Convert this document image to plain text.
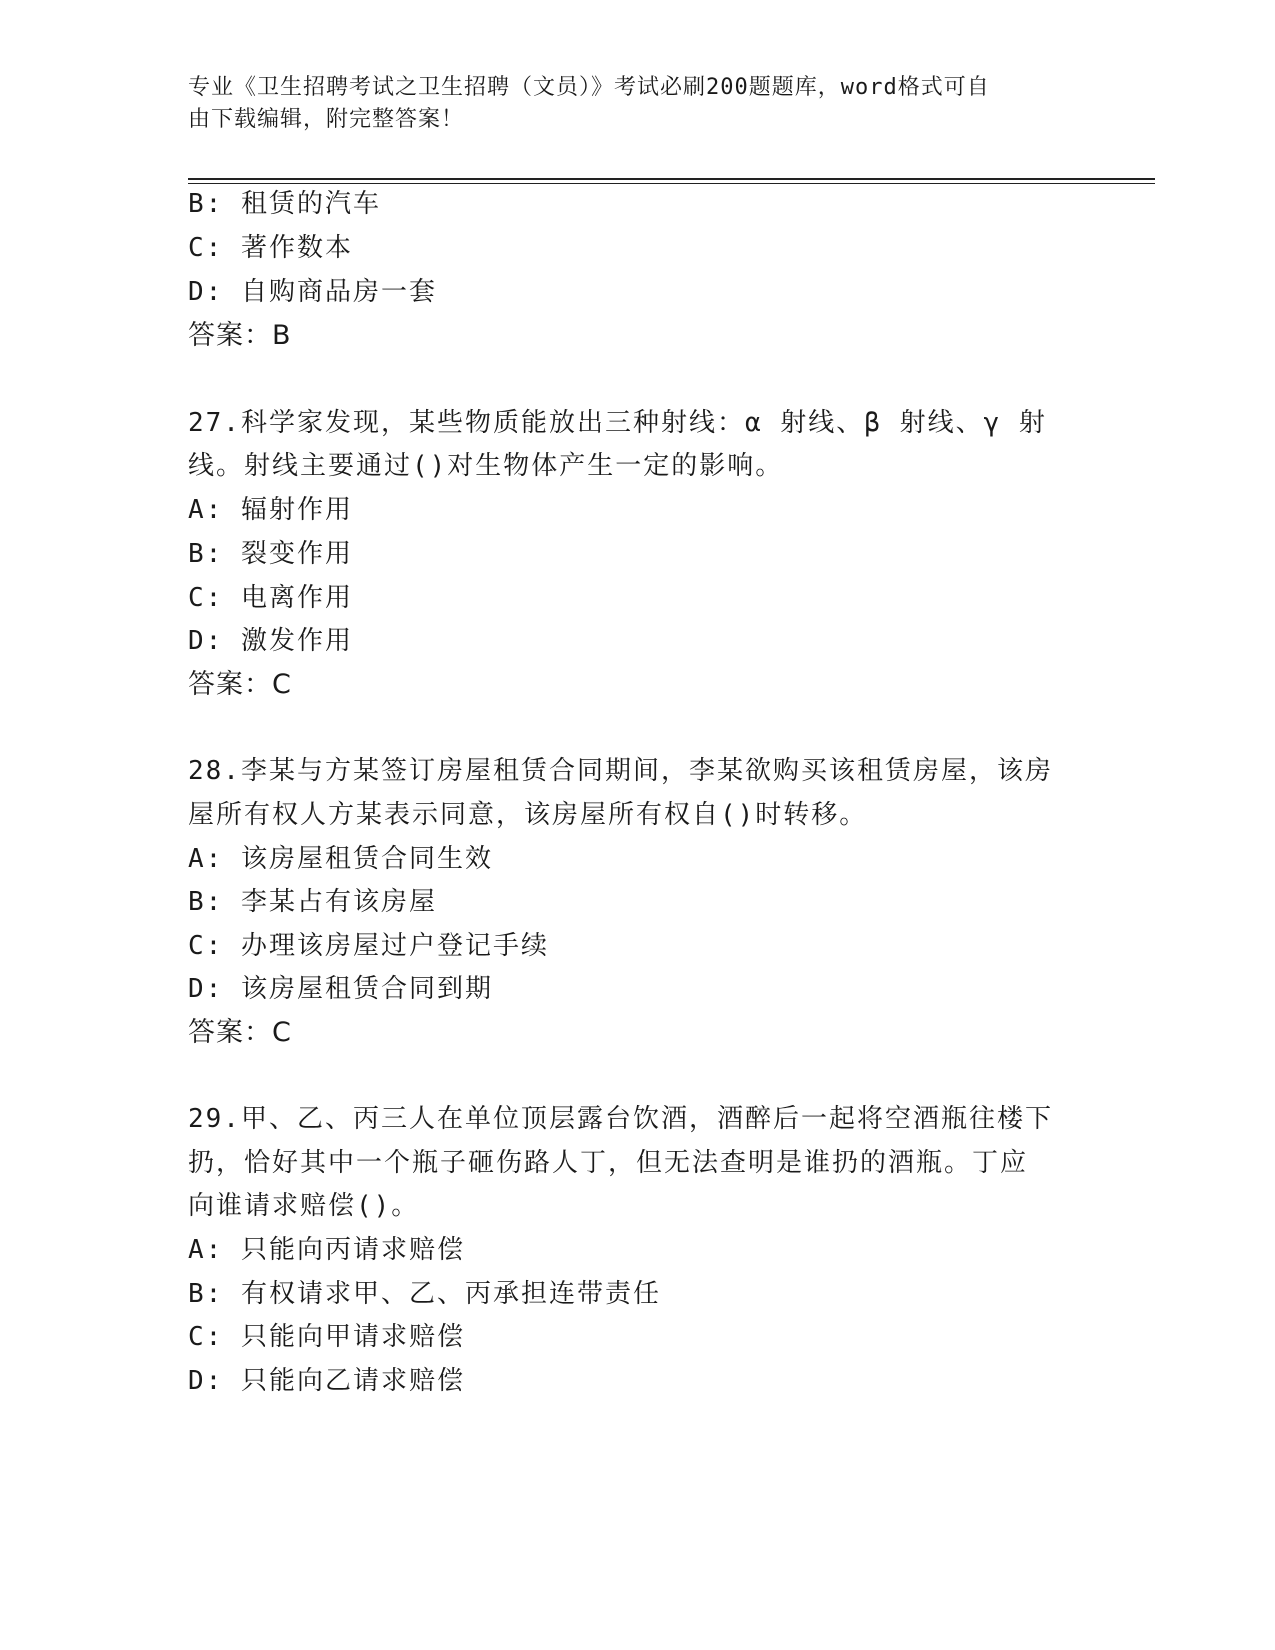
专业《卫生招聘考试之卫生招聘（文员）》考试必刷200题题库，word格式可自
由下载编辑，附完整答案！
B: 租赁的汽车
C: 著作数本
D: 自购商品房一套
答案：B
27.科学家发现，某些物质能放出三种射线：α 射线、β 射线、γ 射
线。射线主要通过()对生物体产生一定的影响。
A: 辐射作用
B: 裂变作用
C: 电离作用
D: 激发作用
答案：C
28.李某与方某签订房屋租赁合同期间，李某欲购买该租赁房屋，该房
屋所有权人方某表示同意，该房屋所有权自()时转移。
A: 该房屋租赁合同生效
B: 李某占有该房屋
C: 办理该房屋过户登记手续
D: 该房屋租赁合同到期
答案：C
29.甲、乙、丙三人在单位顶层露台饮酒，酒醉后一起将空酒瓶往楼下
扔，恰好其中一个瓶子砸伤路人丁，但无法查明是谁扔的酒瓶。丁应
向谁请求赔偿()。
A: 只能向丙请求赔偿
B: 有权请求甲、乙、丙承担连带责任
C: 只能向甲请求赔偿
D: 只能向乙请求赔偿
